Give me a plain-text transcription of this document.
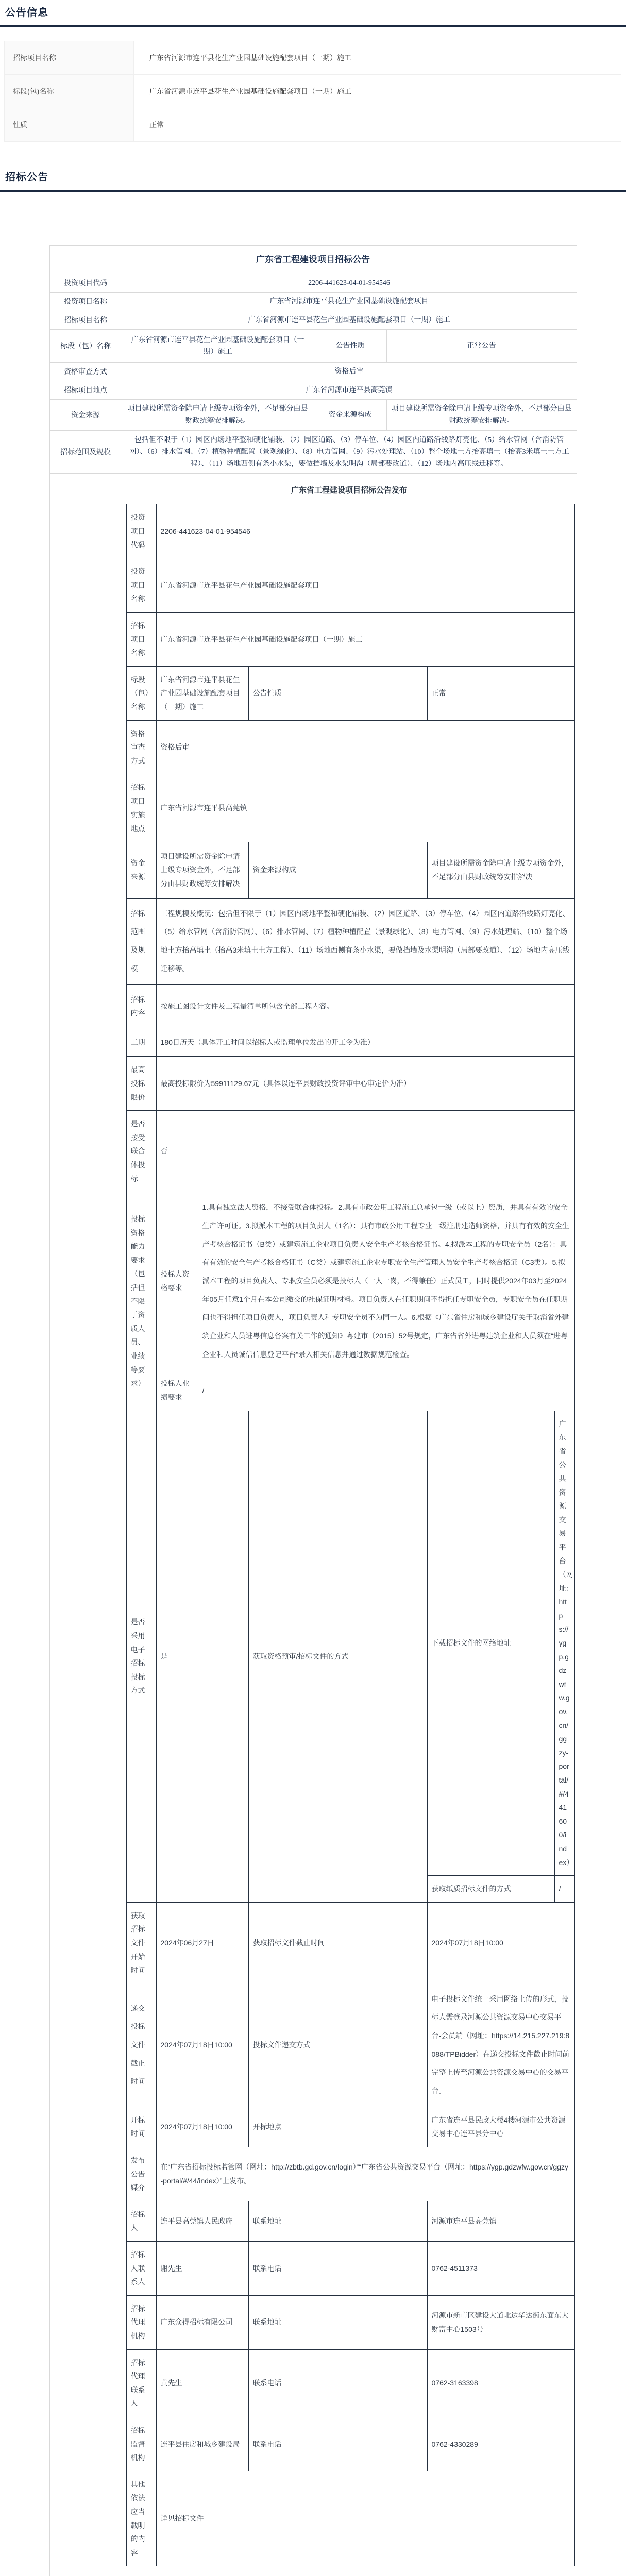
公告信息
招标项目名称	广东省河源市连平县花生产业园基础设施配套项目（一期）施工
标段(包)名称	广东省河源市连平县花生产业园基础设施配套项目（一期）施工
性质	正常
招标公告
广东省工程建设项目招标公告
投资项目代码	2206-441623-04-01-954546
投资项目名称	广东省河源市连平县花生产业园基础设施配套项目
招标项目名称	广东省河源市连平县花生产业园基础设施配套项目（一期）施工
标段（包）名称	广东省河源市连平县花生产业园基础设施配套项目（一期）施工	公告性质	正常公告
资格审查方式	资格后审
招标项目地点	广东省河源市连平县高莞镇
资金来源	项目建设所需资金除申请上级专项资金外，不足部分由县财政统筹安排解决。	资金来源构成	项目建设所需资金除申请上级专项资金外，不足部分由县财政统筹安排解决。
招标范围及规模	包括但不限于（1）园区内场地平整和硬化铺装、（2）园区道路、（3）停车位、（4）园区内道路沿线路灯亮化、（5）给水管网（含消防管网）、（6）排水管网、（7）植物种植配置（景观绿化）、（8）电力管网、（9）污水处理站、（10）整个场地土方抬高填土（抬高3米填土土方工程）、（11）场地西侧有条小水渠，要做挡墙及水渠明沟（局部要改道）、（12）场地内高压线迁移等。

广东省工程建设项目招标公告发布
投资项目代码	2206-441623-04-01-954546
投资项目名称	广东省河源市连平县花生产业园基础设施配套项目
招标项目名称	广东省河源市连平县花生产业园基础设施配套项目（一期）施工
标段（包）名称	广东省河源市连平县花生产业园基础设施配套项目（一期）施工	公告性质	正常
资格审查方式	资格后审
招标项目实施地点	广东省河源市连平县高莞镇
资金来源	项目建设所需资金除申请上级专项资金外，不足部分由县财政统筹安排解决	资金来源构成	项目建设所需资金除申请上级专项资金外，不足部分由县财政统筹安排解决
招标范围及规模	工程规模及概况：包括但不限于（1）园区内场地平整和硬化铺装、（2）园区道路、（3）停车位、（4）园区内道路沿线路灯亮化、（5）给水管网（含消防管网）、（6）排水管网、（7）植物种植配置（景观绿化）、（8）电力管网、（9）污水处理站、（10）整个场地土方抬高填土（抬高3米填土土方工程）、（11）场地西侧有条小水渠，要做挡墙及水渠明沟（局部要改道）、（12）场地内高压线迁移等。
招标内容	按施工图设计文件及工程量清单所包含全部工程内容。
工期	180日历天（具体开工时间以招标人或监理单位发出的开工令为准）
最高投标限价	最高投标限价为59911129.67元（具体以连平县财政投资评审中心审定价为准）
是否接受联合体投标	否
投标资格能力要求（包括但不限于资质人员、业绩等要求）	
投标人资格要求	1.具有独立法人资格，不接受联合体投标。2.具有市政公用工程施工总承包一级（或以上）资质，并具有有效的安全生产许可证。3.拟派本工程的项目负责人（1名）：具有市政公用工程专业一级注册建造师资格，并具有有效的安全生产考核合格证书（B类）或建筑施工企业项目负责人安全生产考核合格证书。4.拟派本工程的专职安全员（2名）：具有有效的安全生产考核合格证书（C类）或建筑施工企业专职安全生产管理人员安全生产考核合格证（C3类）。5.拟派本工程的项目负责人、专职安全员必须是投标人（一人一岗，不得兼任）正式员工，同时提供2024年03月至2024年05月任意1个月在本公司缴交的社保证明材料。项目负责人在任职期间不得担任专职安全员，专职安全员在任职期间也不得担任项目负责人，项目负责人和专职安全员不为同一人。6.根据《广东省住房和城乡建设厅关于取消省外建筑企业和人员进粤信息备案有关工作的通知》粤建市〔2015〕52号规定，广东省省外进粤建筑企业和人员须在“进粤企业和人员诚信信息登记平台”录入相关信息并通过数据规范检查。
投标人业绩要求	/

是否采用电子招标投标方式	是	获取资格预审/招标文件的方式	
下载招标文件的网络地址	广东省公共资源交易平台（网址：https://ygp.gdzwfw.gov.cn/ggzy-portal/#/441600/index）
获取纸质招标文件的方式	/

获取招标文件开始时间	2024年06月27日	获取招标文件截止时间	2024年07月18日10:00
递交投标文件截止时间	2024年07月18日10:00	投标文件递交方式	电子投标文件统一采用网络上传的形式，投标人需登录河源公共资源交易中心交易平台-会员端（网址：https://14.215.227.219:8088/TPBidder）在递交投标文件截止时间前完整上传至河源公共资源交易中心的交易平台。
开标时间	2024年07月18日10:00	开标地点	广东省连平县民政大楼4楼河源市公共资源交易中心连平县分中心
发布公告媒介	在“广东省招标投标监管网（网址：http://zbtb.gd.gov.cn/login）”“广东省公共资源交易平台（网址：https://ygp.gdzwfw.gov.cn/ggzy-portal/#/44/index）”上发布。
招标人	连平县高莞镇人民政府	联系地址	河源市连平县高莞镇
招标人联系人	谢先生	联系电话	0762-4511373
招标代理机构	广东众得招标有限公司	联系地址	河源市新市区建设大道北边华达街东面东大财富中心1503号
招标代理联系人	黄先生	联系电话	0762-3163398
招标监督机构	连平县住房和城乡建设局	联系电话	0762-4330289
其他依法应当载明的内容	详见招标文件
